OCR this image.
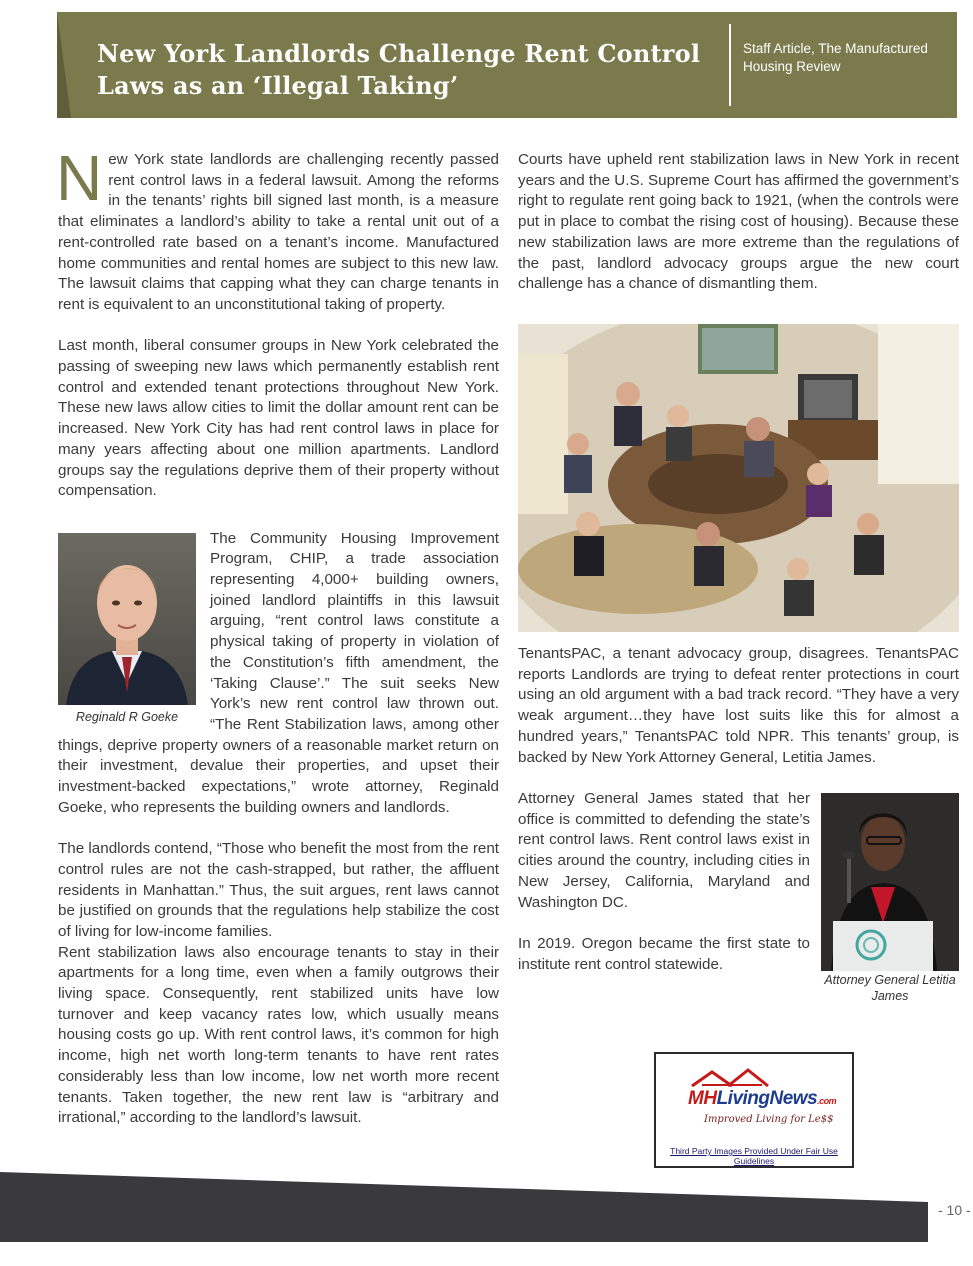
New York Landlords Challenge Rent Control Laws as an ‘Illegal Taking’
Staff Article, The Manufactured Housing Review

N ew York state landlords are challenging recently passed rent control laws in a federal lawsuit. Among the reforms in the tenants’ rights bill signed last month, is a measure that eliminates a landlord’s ability to take a rental unit out of a rent-controlled rate based on a tenant’s income. Manufactured home communities and rental homes are subject to this new law. The lawsuit claims that capping what they can charge tenants in rent is equivalent to an unconstitutional taking of property.

Last month, liberal consumer groups in New York celebrated the passing of sweeping new laws which permanently establish rent control and extended tenant protections throughout New York. These new laws allow cities to limit the dollar amount rent can be increased. New York City has had rent control laws in place for many years affecting about one million apartments. Landlord groups say the regulations deprive them of their property without compensation.

Reginald R Goeke

The Community Housing Improvement Program, CHIP, a trade association representing 4,000+ building owners, joined landlord plaintiffs in this lawsuit arguing, “rent control laws constitute a physical taking of property in violation of the Constitution’s fifth amendment, the ‘Taking Clause’.” The suit seeks New York’s new rent control law thrown out. “The Rent Stabilization laws, among other things, deprive property owners of a reasonable market return on their investment, devalue their properties, and upset their investment-backed expectations,” wrote attorney, Reginald Goeke, who represents the building owners and landlords.

The landlords contend, “Those who benefit the most from the rent control rules are not the cash-strapped, but rather, the affluent residents in Manhattan.” Thus, the suit argues, rent laws cannot be justified on grounds that the regulations help stabilize the cost of living for low-income families.

Rent stabilization laws also encourage tenants to stay in their apartments for a long time, even when a family outgrows their living space. Consequently, rent stabilized units have low turnover and keep vacancy rates low, which usually means housing costs go up. With rent control laws, it’s common for high income, high net worth long-term tenants to have rent rates considerably less than low income, low net worth more recent tenants. Taken together, the new rent law is “arbitrary and irrational,” according to the landlord’s lawsuit.

Courts have upheld rent stabilization laws in New York in recent years and the U.S. Supreme Court has affirmed the government’s right to regulate rent going back to 1921, (when the controls were put in place to combat the rising cost of housing). Because these new stabilization laws are more extreme than the regulations of the past, landlord advocacy groups argue the new court challenge has a chance of dismantling them.

TenantsPAC, a tenant advocacy group, disagrees. TenantsPAC reports Landlords are trying to defeat renter protections in court using an old argument with a bad track record. “They have a very weak argument…they have lost suits like this for almost a hundred years,” TenantsPAC told NPR. This tenants’ group, is backed by New York Attorney General, Letitia James.

Attorney General James stated that her office is committed to defending the state’s rent control laws. Rent control laws exist in cities around the country, including cities in New Jersey, California, Maryland and Washington DC.

In 2019. Oregon became the first state to institute rent control statewide.

Attorney General Letitia James
MHLivingNews.com
Improved Living for Le$$
Third Party Images Provided Under Fair Use Guidelines
- 10 -
